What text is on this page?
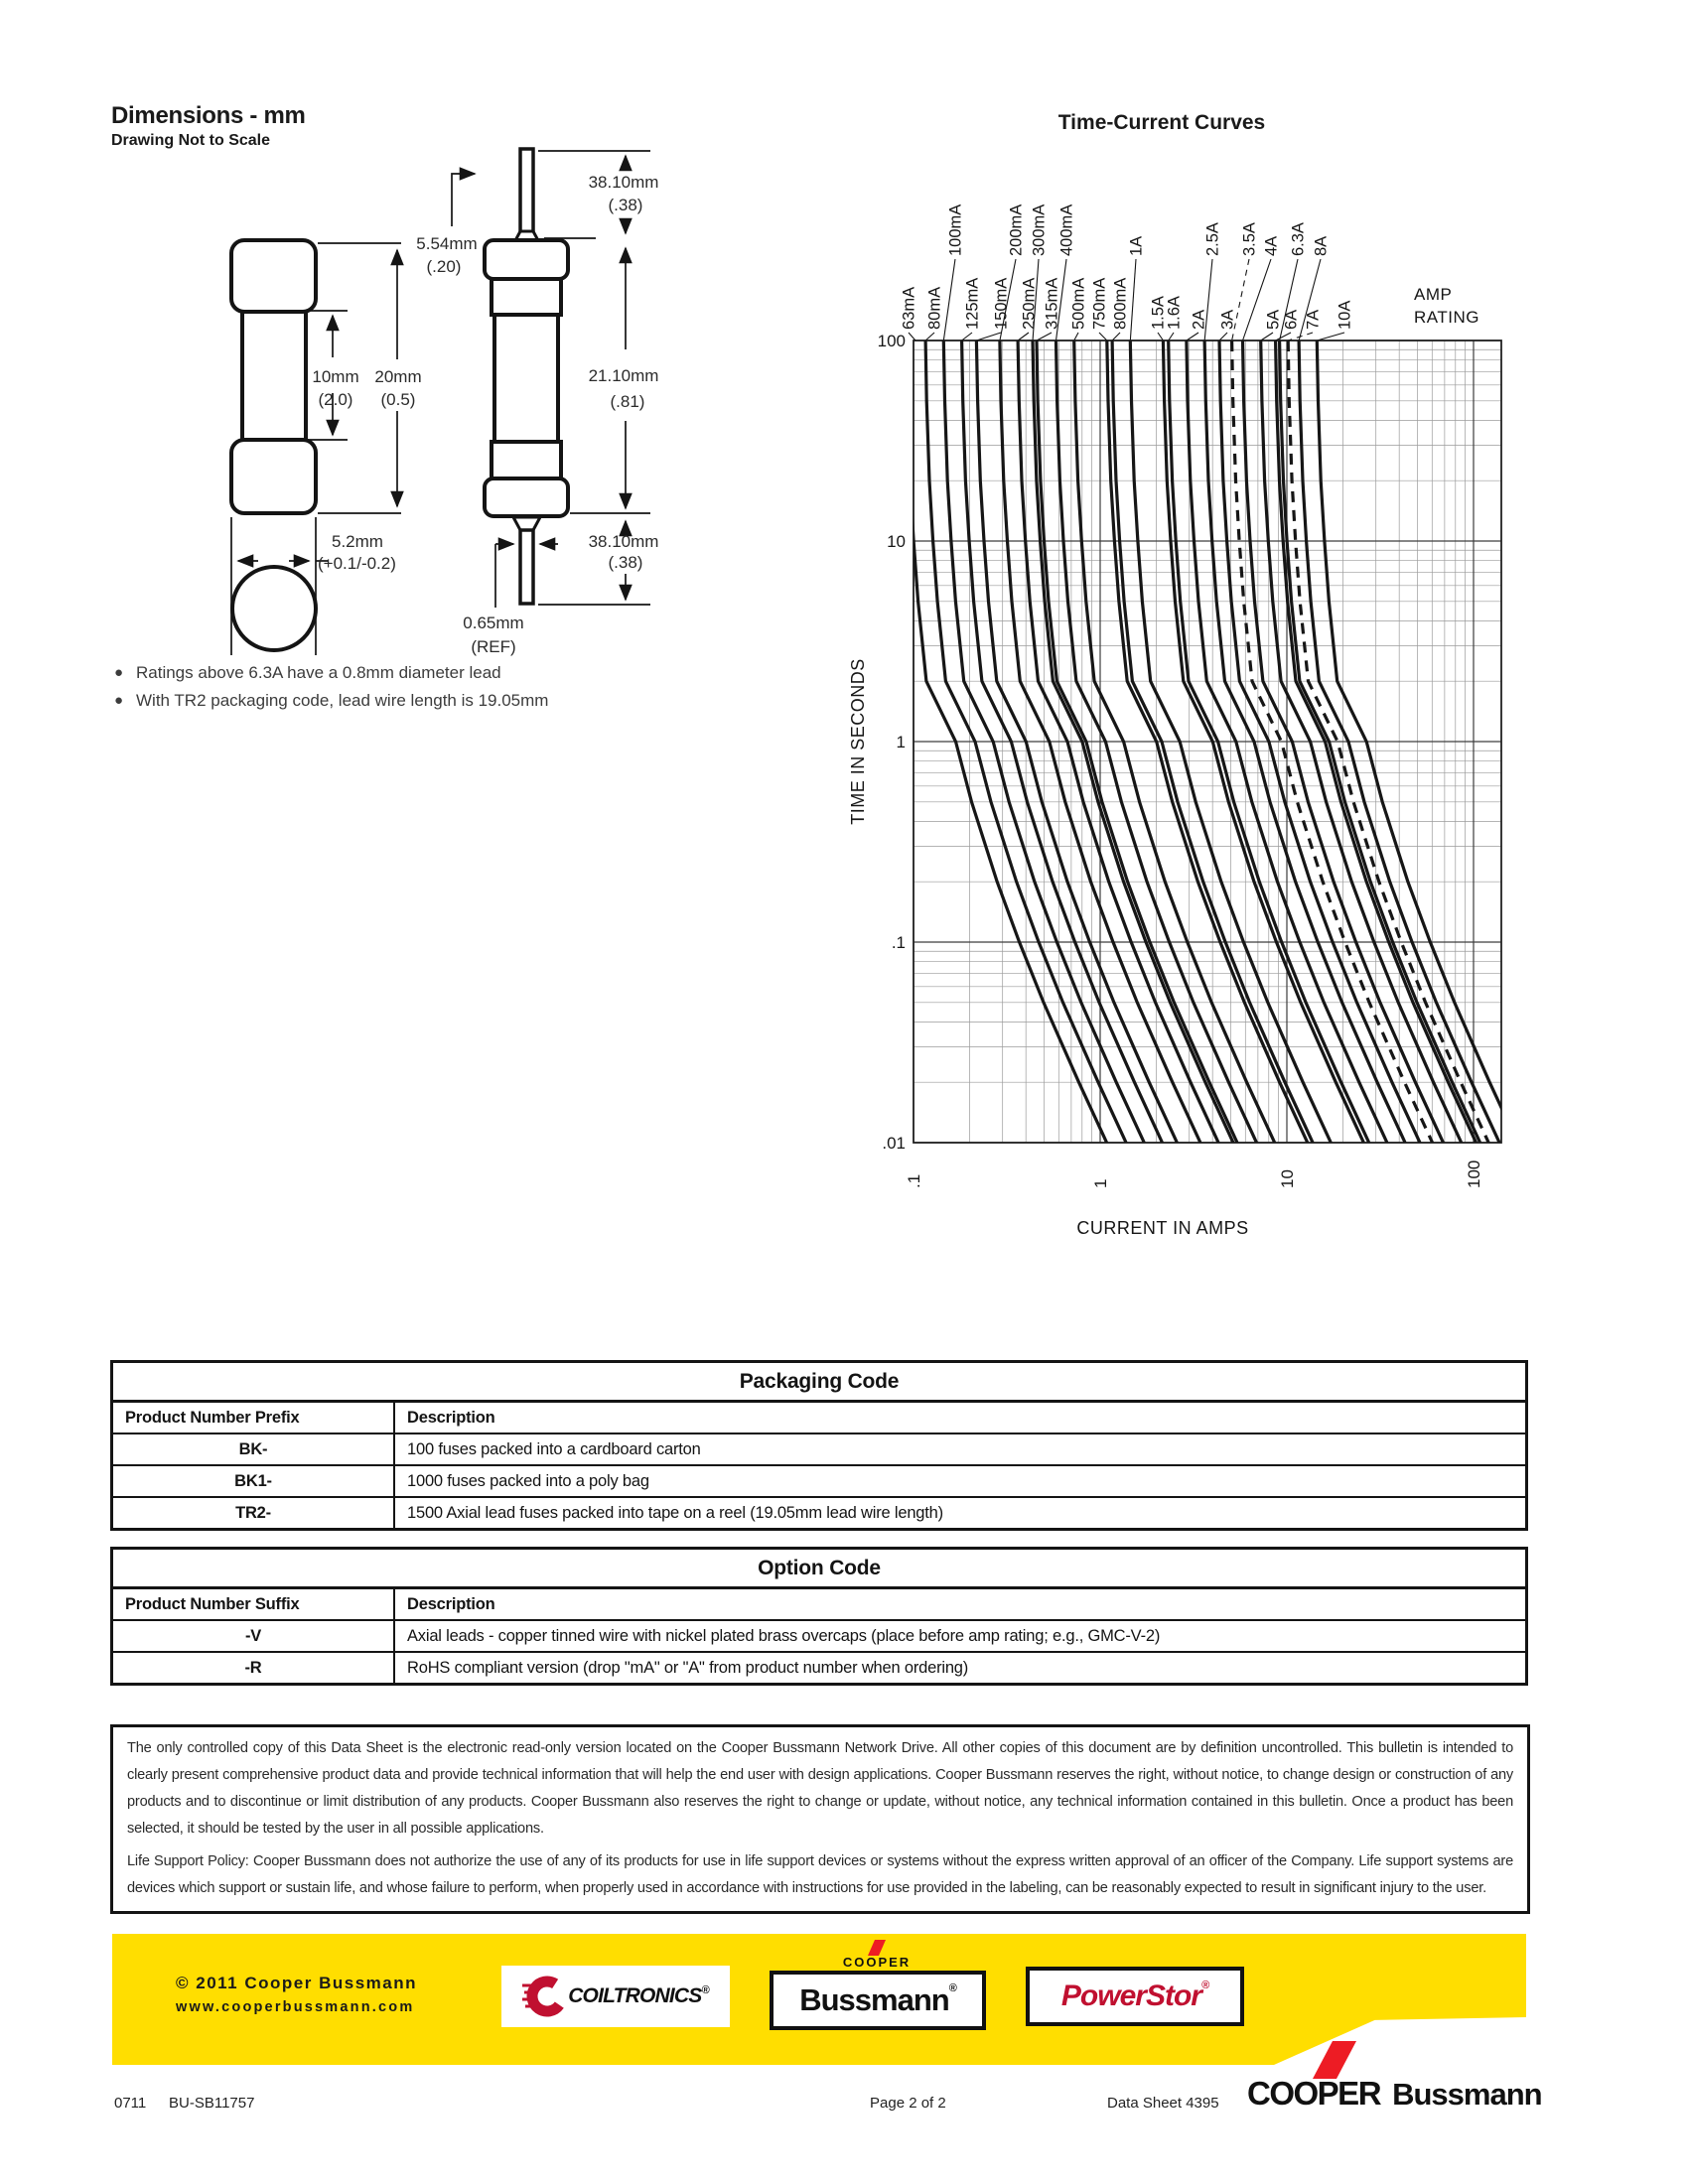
Dimensions - mm
Drawing Not to Scale
10mm
(2.0)
20mm
(0.5)
5.54mm
(.20)
5.2mm
(+0.1/-0.2)
38.10mm
(.38)
21.10mm
(.81)
38.10mm
(.38)
0.65mm
(REF)
● Ratings above 6.3A have a 0.8mm diameter lead
● With TR2 packaging code, lead wire length is 19.05mm
Time-Current Curves
63mA 80mA
100mA
125mA 150mA
200mA
250mA
300mA
315mA
400mA
500mA 750mA 800mA
1A
1.5A
1.6A 2A
2.5A
3A
3.5A 4A
5A 6A
6.3A
7A
8A
10A
100
10
1
.1
.01
.1	1	10	100
CURRENT IN AMPS
TIME IN SECONDS
AMP
RATING
Packaging Code	
Product Number Prefix	Description
BK-	100 fuses packed into a cardboard carton
BK1-	1000 fuses packed into a poly bag
TR2-	1500 Axial lead fuses packed into tape on a reel (19.05mm lead wire length)
Option Code	
Product Number Suffix	Description
-V	Axial leads - copper tinned wire with nickel plated brass overcaps (place before amp rating; e.g., GMC-V-2)
-R	RoHS compliant version (drop "mA" or "A" from product number when ordering)

The only controlled copy of this Data Sheet is the electronic read-only version located on the Cooper Bussmann Network Drive. All other copies of this document are by definition uncontrolled. This bulletin is intended to clearly present comprehensive product data and provide technical information that will help the end user with design applications. Cooper Bussmann reserves the right, without notice, to change design or construction of any products and to discontinue or limit distribution of any products. Cooper Bussmann also reserves the right to change or update, without notice, any technical information contained in this bulletin. Once a product has been selected, it should be tested by the user in all possible applications.

Life Support Policy: Cooper Bussmann does not authorize the use of any of its products for use in life support devices or systems without the express written approval of an officer of the Company. Life support systems are devices which support or sustain life, and whose failure to perform, when properly used in accordance with instructions for use provided in the labeling, can be reasonably expected to result in significant injury to the user.

© 2011 Cooper Bussmann
www.cooperbussmann.com	COILTRONICS®
COOPER
Bussmann®	PowerStor®
COOPER Bussmann
0711 BU-SB11757	Page 2 of 2	Data Sheet 4395
